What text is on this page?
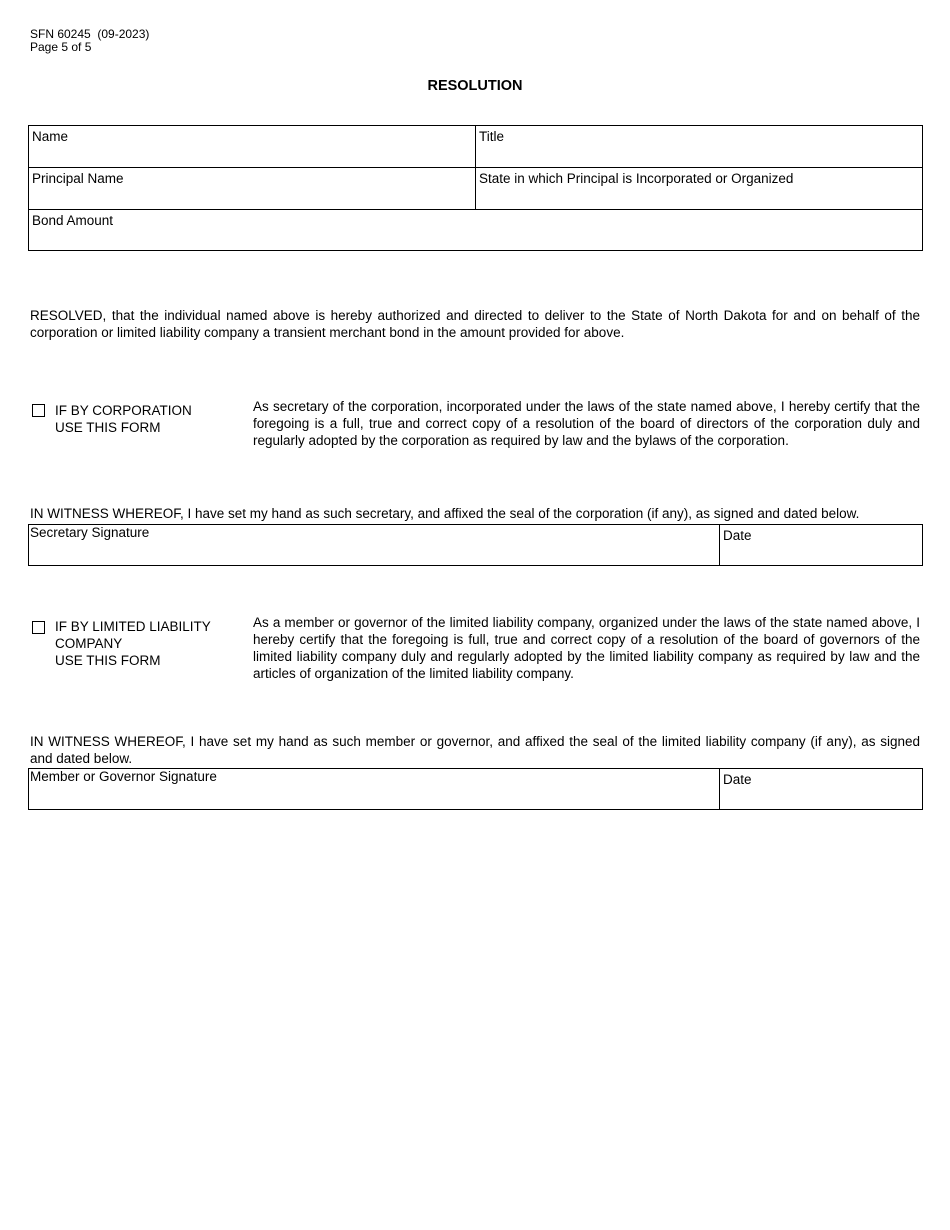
SFN 60245  (09-2023)
Page 5 of 5
RESOLUTION
Name	Title
Principal Name	State in which Principal is Incorporated or Organized
Bond Amount
RESOLVED, that the individual named above is hereby authorized and directed to deliver to the State of North Dakota for and on behalf of the corporation or limited liability company a transient merchant bond in the amount provided for above.
IF BY CORPORATION
USE THIS FORM
As secretary of the corporation, incorporated under the laws of the state named above, I hereby certify that the foregoing is a full, true and correct copy of a resolution of the board of directors of the corporation duly and regularly adopted by the corporation as required by law and the bylaws of the corporation.
IN WITNESS WHEREOF, I have set my hand as such secretary, and affixed the seal of the corporation (if any), as signed and dated below.
Secretary Signature	Date
IF BY LIMITED LIABILITY
COMPANY
USE THIS FORM
As a member or governor of the limited liability company, organized under the laws of the state named above, I hereby certify that the foregoing is full, true and correct copy of a resolution of the board of governors of the limited liability company duly and regularly adopted by the limited liability company as required by law and the articles of organization of the limited liability company.
IN WITNESS WHEREOF, I have set my hand as such member or governor, and affixed the seal of the limited liability company (if any), as signed and dated below.
Member or Governor Signature	Date
